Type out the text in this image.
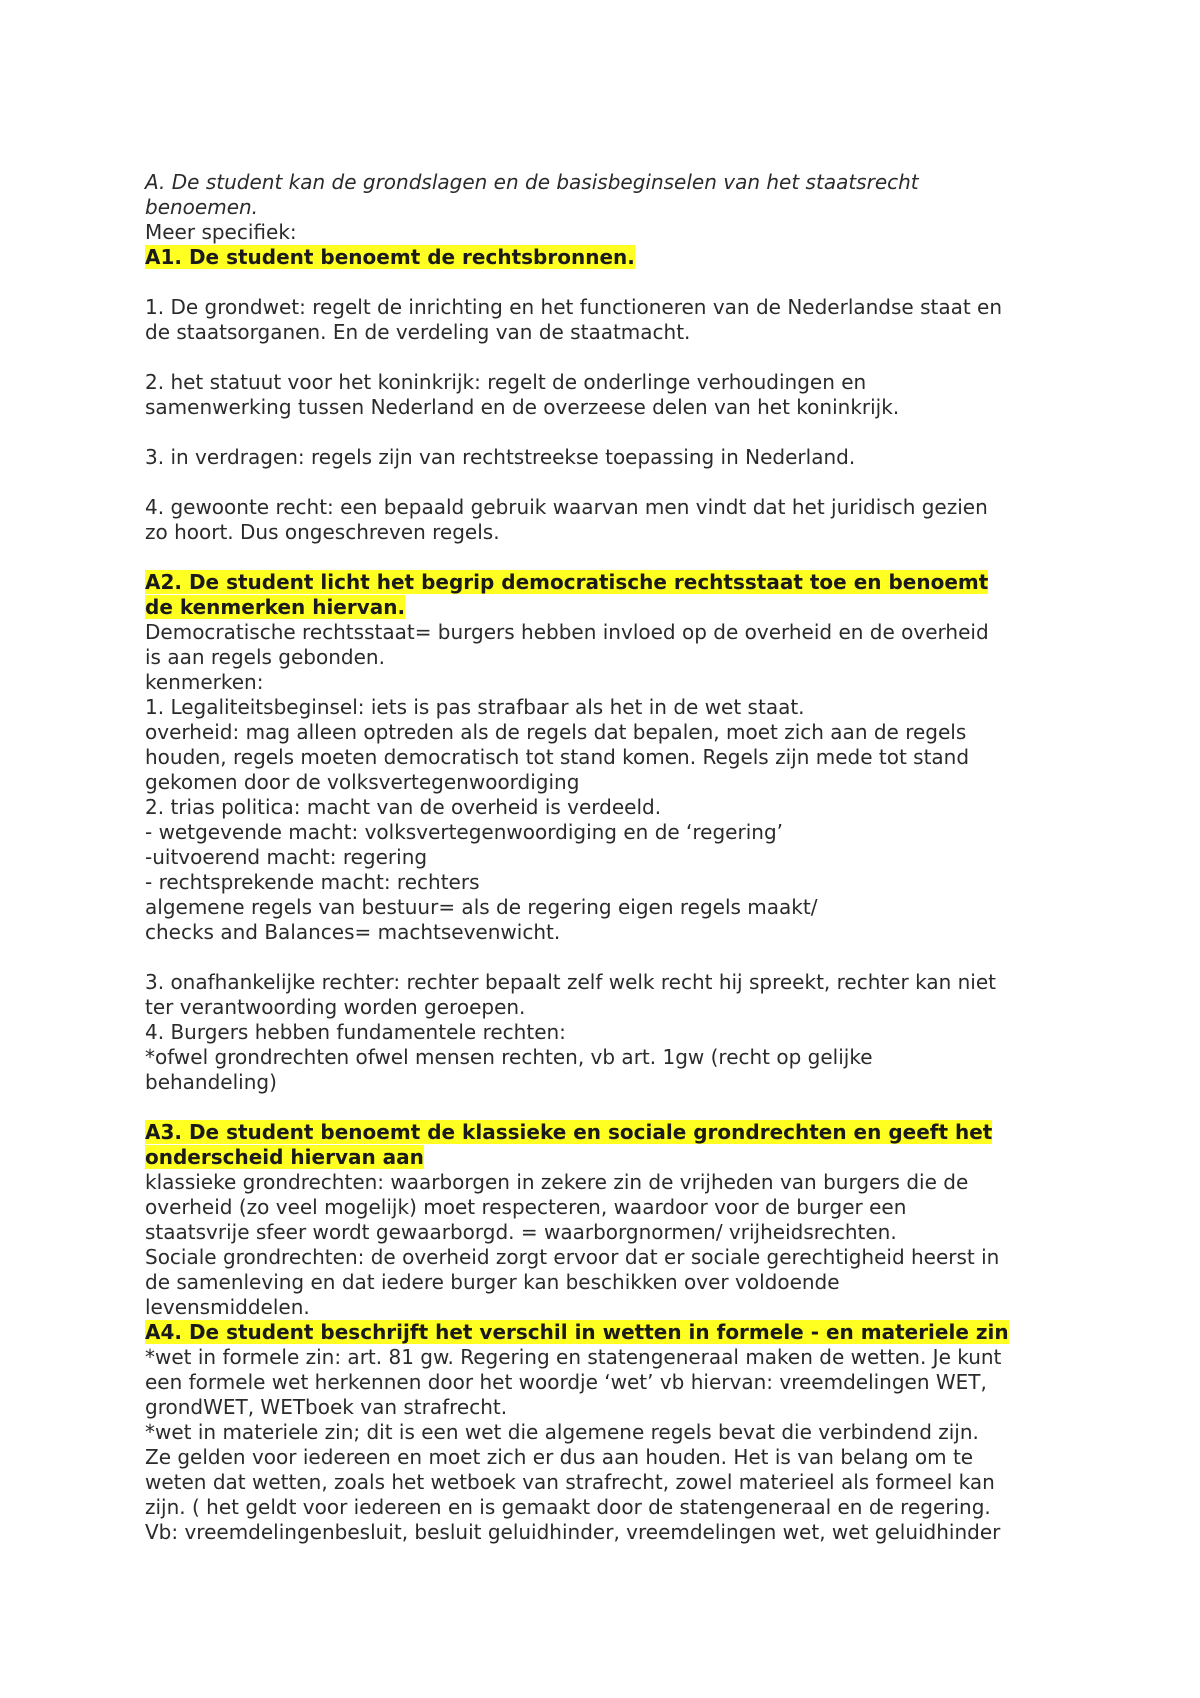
A. De student kan de grondslagen en de basisbeginselen van het staatsrecht
benoemen.
Meer specifiek:
A1. De student benoemt de rechtsbronnen.
1. De grondwet: regelt de inrichting en het functioneren van de Nederlandse staat en
de staatsorganen. En de verdeling van de staatmacht.
2. het statuut voor het koninkrijk: regelt de onderlinge verhoudingen en
samenwerking tussen Nederland en de overzeese delen van het koninkrijk.
3. in verdragen: regels zijn van rechtstreekse toepassing in Nederland.
4. gewoonte recht: een bepaald gebruik waarvan men vindt dat het juridisch gezien
zo hoort. Dus ongeschreven regels.
A2. De student licht het begrip democratische rechtsstaat toe en benoemt
de kenmerken hiervan.
Democratische rechtsstaat= burgers hebben invloed op de overheid en de overheid
is aan regels gebonden.
kenmerken:
1. Legaliteitsbeginsel: iets is pas strafbaar als het in de wet staat.
overheid: mag alleen optreden als de regels dat bepalen, moet zich aan de regels
houden, regels moeten democratisch tot stand komen. Regels zijn mede tot stand
gekomen door de volksvertegenwoordiging
2. trias politica: macht van de overheid is verdeeld.
- wetgevende macht: volksvertegenwoordiging en de ‘regering’
-uitvoerend macht: regering
- rechtsprekende macht: rechters
algemene regels van bestuur= als de regering eigen regels maakt/
checks and Balances= machtsevenwicht.
3. onafhankelijke rechter: rechter bepaalt zelf welk recht hij spreekt, rechter kan niet
ter verantwoording worden geroepen.
4. Burgers hebben fundamentele rechten:
*ofwel grondrechten ofwel mensen rechten, vb art. 1gw (recht op gelijke
behandeling)
A3. De student benoemt de klassieke en sociale grondrechten en geeft het
onderscheid hiervan aan
klassieke grondrechten: waarborgen in zekere zin de vrijheden van burgers die de
overheid (zo veel mogelijk) moet respecteren, waardoor voor de burger een
staatsvrije sfeer wordt gewaarborgd. = waarborgnormen/ vrijheidsrechten.
Sociale grondrechten: de overheid zorgt ervoor dat er sociale gerechtigheid heerst in
de samenleving en dat iedere burger kan beschikken over voldoende
levensmiddelen.
A4. De student beschrijft het verschil in wetten in formele - en materiele zin
*wet in formele zin: art. 81 gw. Regering en statengeneraal maken de wetten. Je kunt
een formele wet herkennen door het woordje ‘wet’ vb hiervan: vreemdelingen WET,
grondWET, WETboek van strafrecht.
*wet in materiele zin; dit is een wet die algemene regels bevat die verbindend zijn.
Ze gelden voor iedereen en moet zich er dus aan houden. Het is van belang om te
weten dat wetten, zoals het wetboek van strafrecht, zowel materieel als formeel kan
zijn. ( het geldt voor iedereen en is gemaakt door de statengeneraal en de regering.
Vb: vreemdelingenbesluit, besluit geluidhinder, vreemdelingen wet, wet geluidhinder
